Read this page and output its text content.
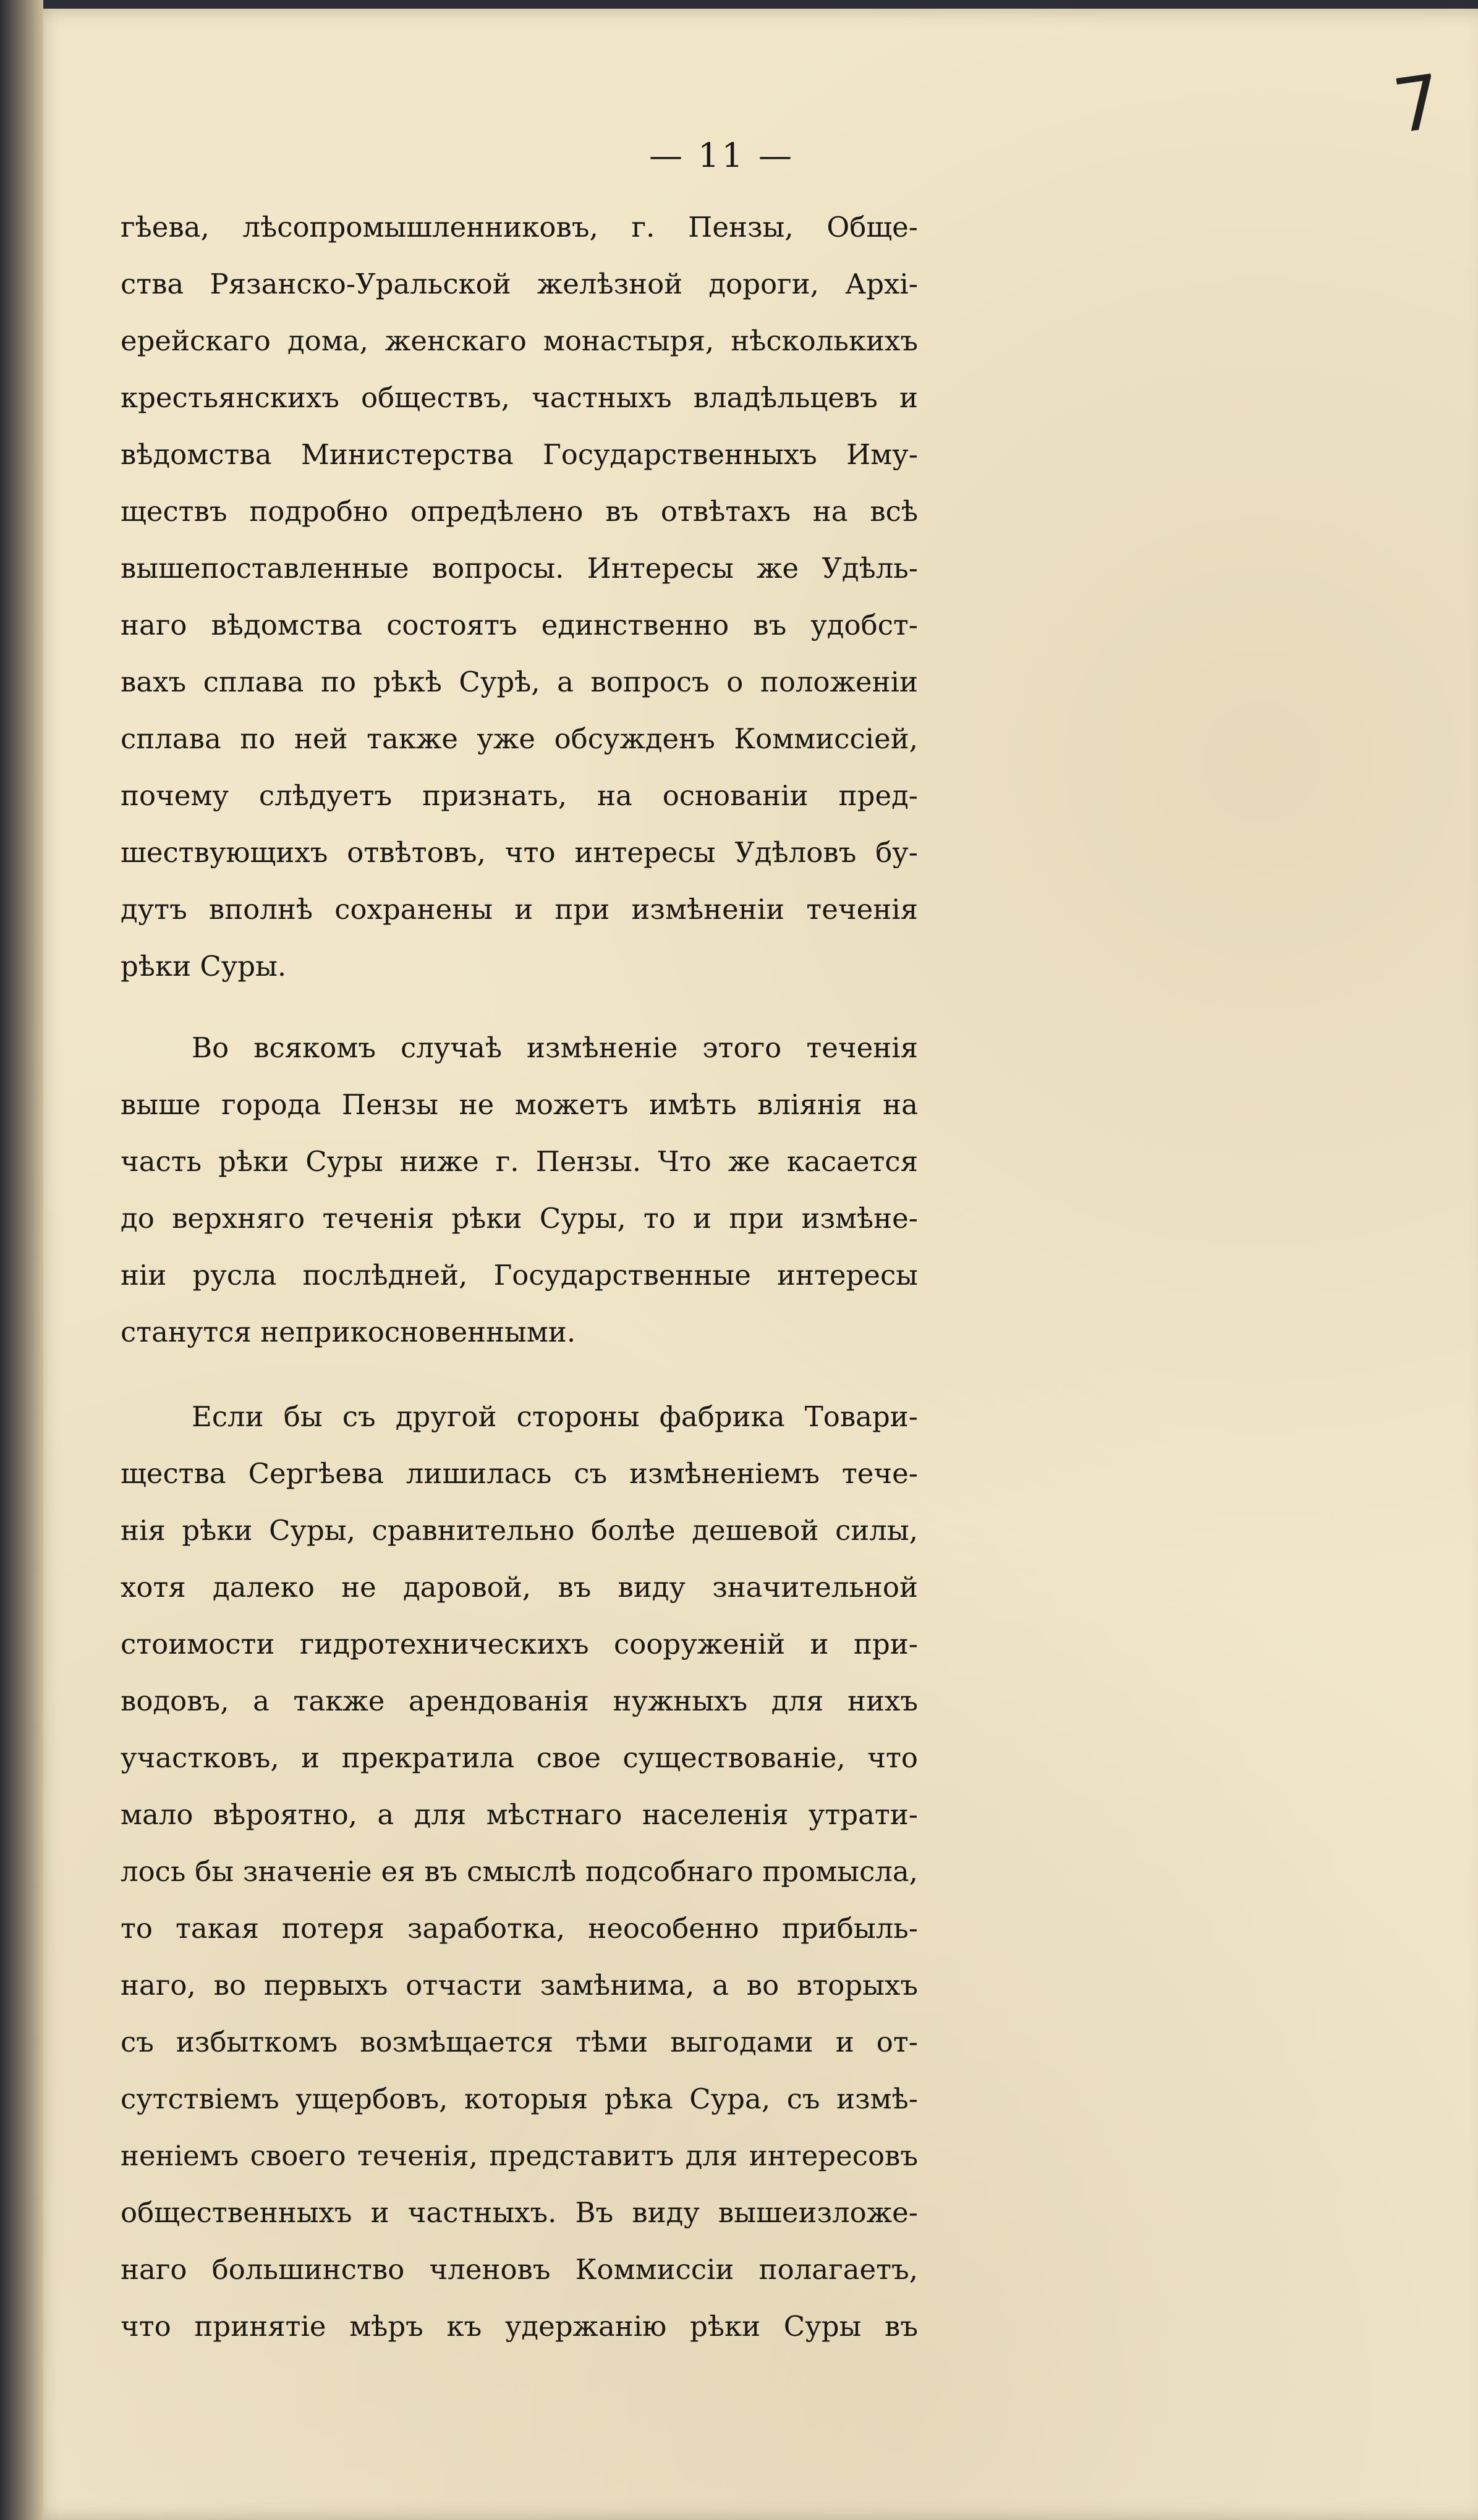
7
— 11 —
гѣева, лѣсопромышленниковъ, г. Пензы, Обще-
ства Рязанско-Уральской желѣзной дороги, Архі-
ерейскаго дома, женскаго монастыря, нѣсколькихъ
крестьянскихъ обществъ, частныхъ владѣльцевъ и
вѣдомства Министерства Государственныхъ Иму-
ществъ подробно опредѣлено въ отвѣтахъ на всѣ
вышепоставленные вопросы. Интересы же Удѣль-
наго вѣдомства состоятъ единственно въ удобст-
вахъ сплава по рѣкѣ Сурѣ, а вопросъ о положеніи
сплава по ней также уже обсужденъ Коммиссіей,
почему слѣдуетъ признать, на основаніи пред-
шествующихъ отвѣтовъ, что интересы Удѣловъ бу-
дутъ вполнѣ сохранены и при измѣненіи теченія
рѣки Суры.
Во всякомъ случаѣ измѣненіе этого теченія
выше города Пензы не можетъ имѣть вліянія на
часть рѣки Суры ниже г. Пензы. Что же касается
до верхняго теченія рѣки Суры, то и при измѣне-
ніи русла послѣдней, Государственные интересы
станутся неприкосновенными.
Если бы съ другой стороны фабрика Товари-
щества Сергѣева лишилась съ измѣненіемъ тече-
нія рѣки Суры, сравнительно болѣе дешевой силы,
хотя далеко не даровой, въ виду значительной
стоимости гидротехническихъ сооруженій и при-
водовъ, а также арендованія нужныхъ для нихъ
участковъ, и прекратила свое существованіе, что
мало вѣроятно, а для мѣстнаго населенія утрати-
лось бы значеніе ея въ смыслѣ подсобнаго промысла,
то такая потеря заработка, неособенно прибыль-
наго, во первыхъ отчасти замѣнима, а во вторыхъ
съ избыткомъ возмѣщается тѣми выгодами и от-
сутствіемъ ущербовъ, которыя рѣка Сура, съ измѣ-
неніемъ своего теченія, представитъ для интересовъ
общественныхъ и частныхъ. Въ виду вышеизложе-
наго большинство членовъ Коммиссіи полагаетъ,
что принятіе мѣръ къ удержанію рѣки Суры въ
